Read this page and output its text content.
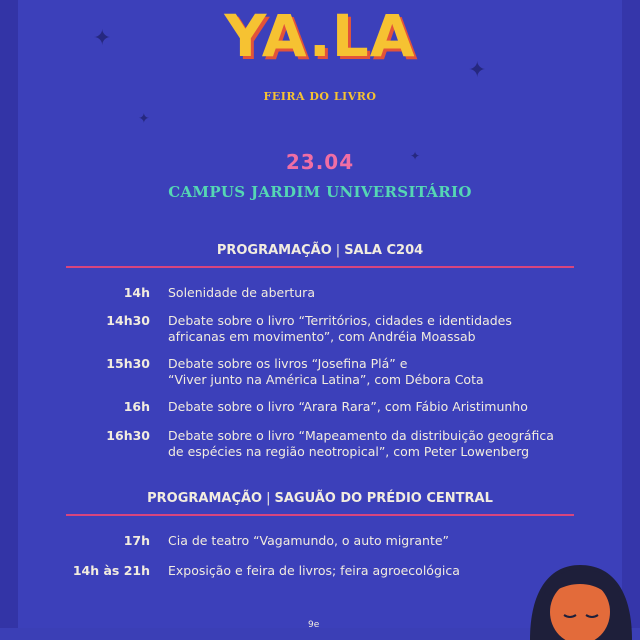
✦
✦
✦
✦
YA.LA
FEIRA DO LIVRO
23.04
CAMPUS JARDIM UNIVERSITÁRIO
PROGRAMAÇÃO | SALA C204
14h Solenidade de abertura
14h30 Debate sobre o livro “Territórios, cidades e identidades
africanas em movimento”, com Andréia Moassab
15h30 Debate sobre os livros “Josefina Plá” e
“Viver junto na América Latina”, com Débora Cota
16h Debate sobre o livro “Arara Rara”, com Fábio Aristimunho
16h30 Debate sobre o livro “Mapeamento da distribuição geográfica
de espécies na região neotropical”, com Peter Lowenberg
PROGRAMAÇÃO | SAGUÃO DO PRÉDIO CENTRAL
17h Cia de teatro “Vagamundo, o auto migrante”
14h às 21h Exposição e feira de livros; feira agroecológica
9e
